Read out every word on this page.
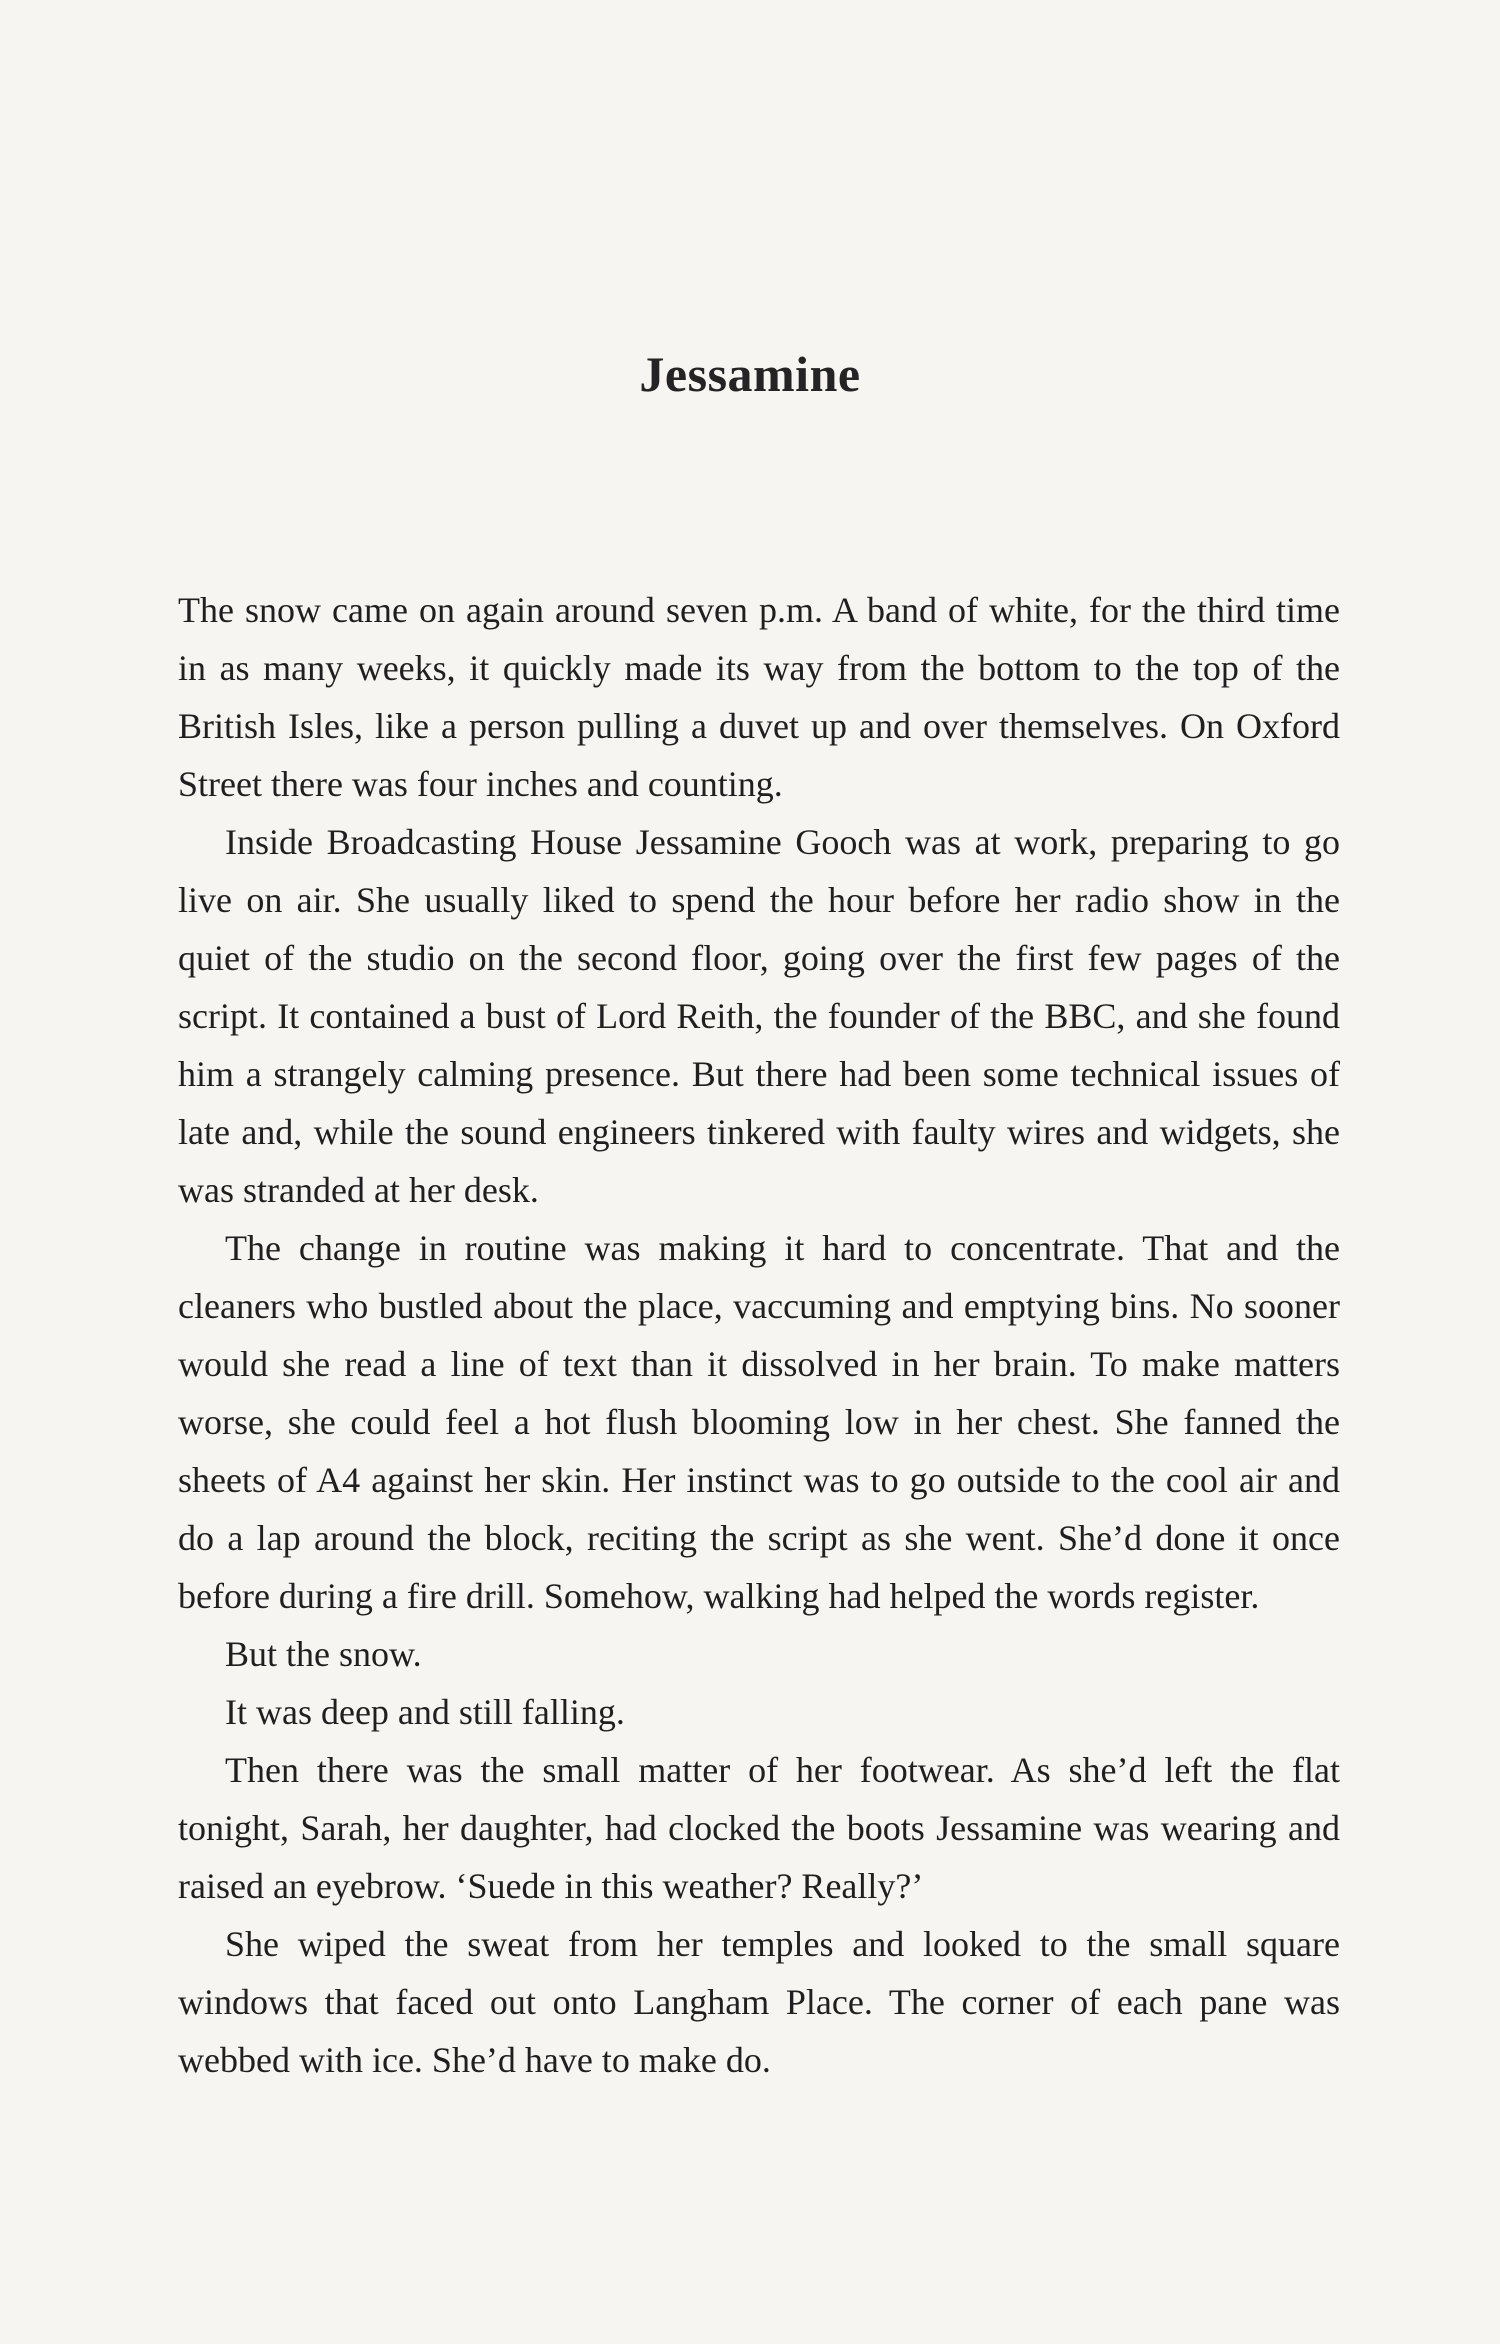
Jessamine

The snow came on again around seven p.m. A band of white, for the third time in as many weeks, it quickly made its way from the bottom to the top of the British Isles, like a person pulling a duvet up and over themselves. On Oxford Street there was four inches and counting.

Inside Broadcasting House Jessamine Gooch was at work, preparing to go live on air. She usually liked to spend the hour before her radio show in the quiet of the studio on the second floor, going over the first few pages of the script. It contained a bust of Lord Reith, the founder of the BBC, and she found him a strangely calming presence. But there had been some technical issues of late and, while the sound engineers tinkered with faulty wires and widgets, she was stranded at her desk.

The change in routine was making it hard to concentrate. That and the cleaners who bustled about the place, vaccuming and emptying bins. No sooner would she read a line of text than it dissolved in her brain. To make matters worse, she could feel a hot flush blooming low in her chest. She fanned the sheets of A4 against her skin. Her instinct was to go outside to the cool air and do a lap around the block, reciting the script as she went. She’d done it once before during a fire drill. Somehow, walking had helped the words register.

But the snow.

It was deep and still falling.

Then there was the small matter of her footwear. As she’d left the flat tonight, Sarah, her daughter, had clocked the boots Jessamine was wearing and raised an eyebrow. ‘Suede in this weather? Really?’

She wiped the sweat from her temples and looked to the small square windows that faced out onto Langham Place. The corner of each pane was webbed with ice. She’d have to make do.
